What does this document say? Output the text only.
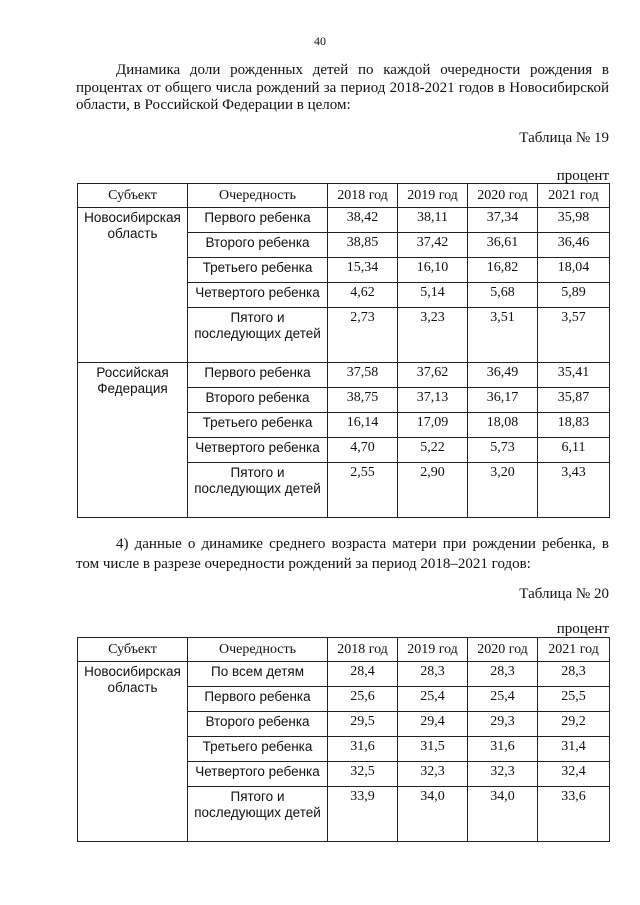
40
Динамика доли рожденных детей по каждой очередности рождения в процентах от общего числа рождений за период 2018-2021 годов в Новосибирской области, в Российской Федерации в целом:
Таблица № 19
процент
Субъект	Очередность	2018 год	2019 год	2020 год	2021 год
Новосибирская область	Первого ребенка	38,42	38,11	37,34	35,98
	Второго ребенка	38,85	37,42	36,61	36,46
	Третьего ребенка	15,34	16,10	16,82	18,04
	Четвертого ребенка	4,62	5,14	5,68	5,89
	Пятого и последующих детей	2,73	3,23	3,51	3,57
Российская Федерация	Первого ребенка	37,58	37,62	36,49	35,41
	Второго ребенка	38,75	37,13	36,17	35,87
	Третьего ребенка	16,14	17,09	18,08	18,83
	Четвертого ребенка	4,70	5,22	5,73	6,11
	Пятого и последующих детей	2,55	2,90	3,20	3,43
4) данные о динамике среднего возраста матери при рождении ребенка, в том числе в разрезе очередности рождений за период 2018–2021 годов:
Таблица № 20
процент
Субъект	Очередность	2018 год	2019 год	2020 год	2021 год
Новосибирская область	По всем детям	28,4	28,3	28,3	28,3
	Первого ребенка	25,6	25,4	25,4	25,5
	Второго ребенка	29,5	29,4	29,3	29,2
	Третьего ребенка	31,6	31,5	31,6	31,4
	Четвертого ребенка	32,5	32,3	32,3	32,4
	Пятого и последующих детей	33,9	34,0	34,0	33,6
